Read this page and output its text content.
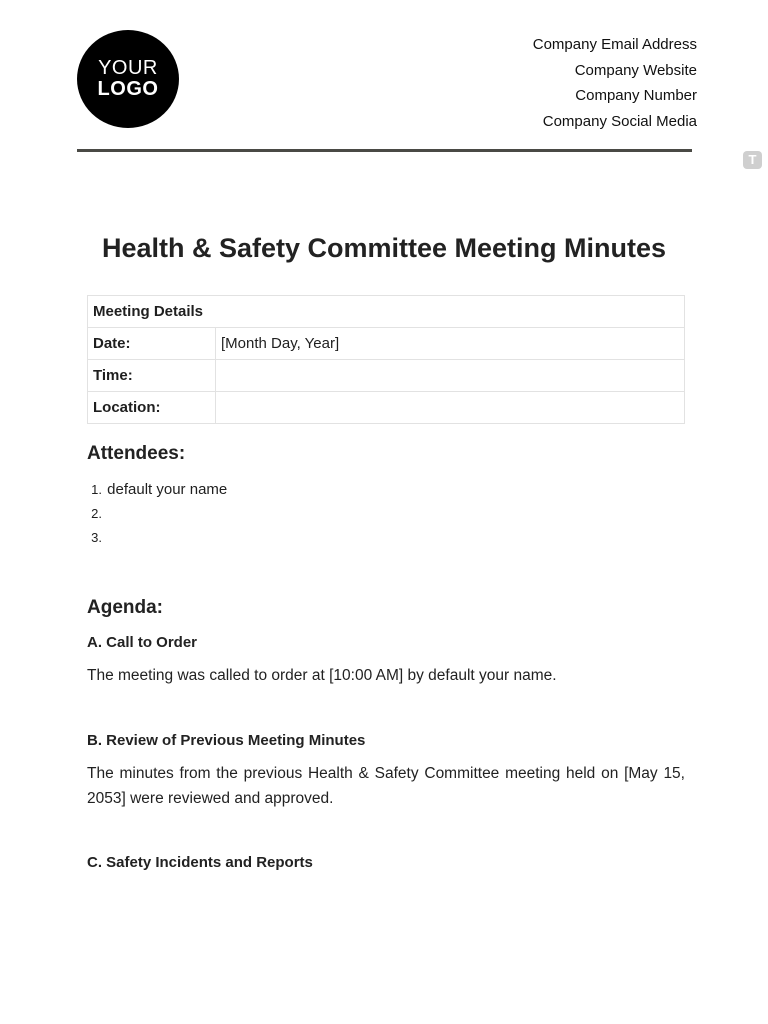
YOUR
LOGO
Company Email Address
Company Website
Company Number
Company Social Media
T
Health & Safety Committee Meeting Minutes
Meeting Details	
Date:	[Month Day, Year]
Time:	
Location:	
Attendees:
1. default your name
2.
3.
Agenda:
A. Call to Order
The meeting was called to order at [10:00 AM] by default your name.
B. Review of Previous Meeting Minutes
The minutes from the previous Health & Safety Committee meeting held on [May 15, 2053] were reviewed and approved.
C. Safety Incidents and Reports
